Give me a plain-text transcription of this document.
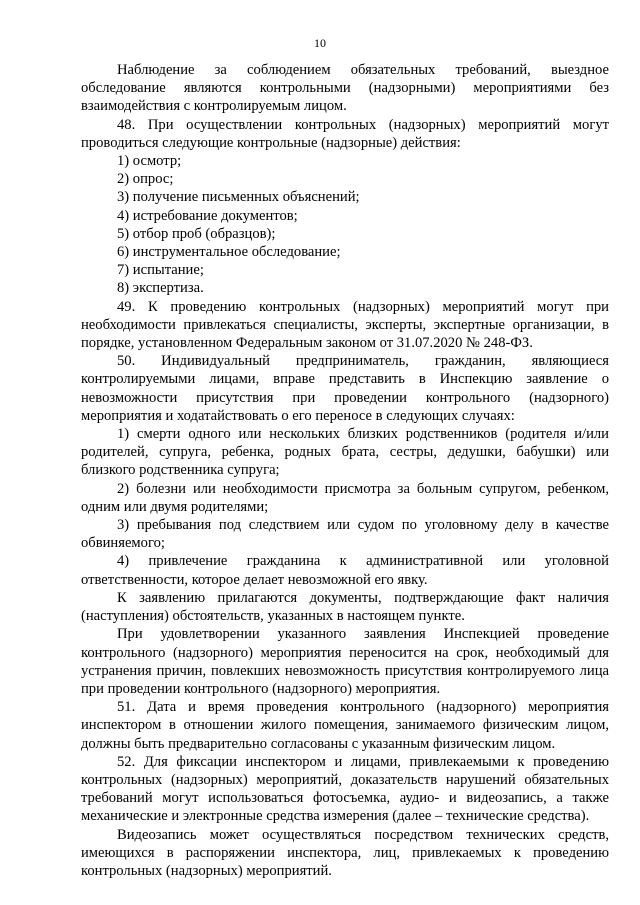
10

Наблюдение за соблюдением обязательных требований, выездное обследование являются контрольными (надзорными) мероприятиями без взаимодействия с контролируемым лицом.

48. При осуществлении контрольных (надзорных) мероприятий могут проводиться следующие контрольные (надзорные) действия:

1) осмотр;

2) опрос;

3) получение письменных объяснений;

4) истребование документов;

5) отбор проб (образцов);

6) инструментальное обследование;

7) испытание;

8) экспертиза.

49. К проведению контрольных (надзорных) мероприятий могут при необходимости привлекаться специалисты, эксперты, экспертные организации, в порядке, установленном Федеральным законом от 31.07.2020 № 248-ФЗ.

50. Индивидуальный предприниматель, гражданин, являющиеся контролируемыми лицами, вправе представить в Инспекцию заявление о невозможности присутствия при проведении контрольного (надзорного) мероприятия и ходатайствовать о его переносе в следующих случаях:

1) смерти одного или нескольких близких родственников (родителя и/или родителей, супруга, ребенка, родных брата, сестры, дедушки, бабушки) или близкого родственника супруга;

2) болезни или необходимости присмотра за больным супругом, ребенком, одним или двумя родителями;

3) пребывания под следствием или судом по уголовному делу в качестве обвиняемого;

4) привлечение гражданина к административной или уголовной ответственности, которое делает невозможной его явку.

К заявлению прилагаются документы, подтверждающие факт наличия (наступления) обстоятельств, указанных в настоящем пункте.

При удовлетворении указанного заявления Инспекцией проведение контрольного (надзорного) мероприятия переносится на срок, необходимый для устранения причин, повлекших невозможность присутствия контролируемого лица при проведении контрольного (надзорного) мероприятия.

51. Дата и время проведения контрольного (надзорного) мероприятия инспектором в отношении жилого помещения, занимаемого физическим лицом, должны быть предварительно согласованы с указанным физическим лицом.

52. Для фиксации инспектором и лицами, привлекаемыми к проведению контрольных (надзорных) мероприятий, доказательств нарушений обязательных требований могут использоваться фотосъемка, аудио- и видеозапись, а также механические и электронные средства измерения (далее – технические средства).

Видеозапись может осуществляться посредством технических средств, имеющихся в распоряжении инспектора, лиц, привлекаемых к проведению контрольных (надзорных) мероприятий.
